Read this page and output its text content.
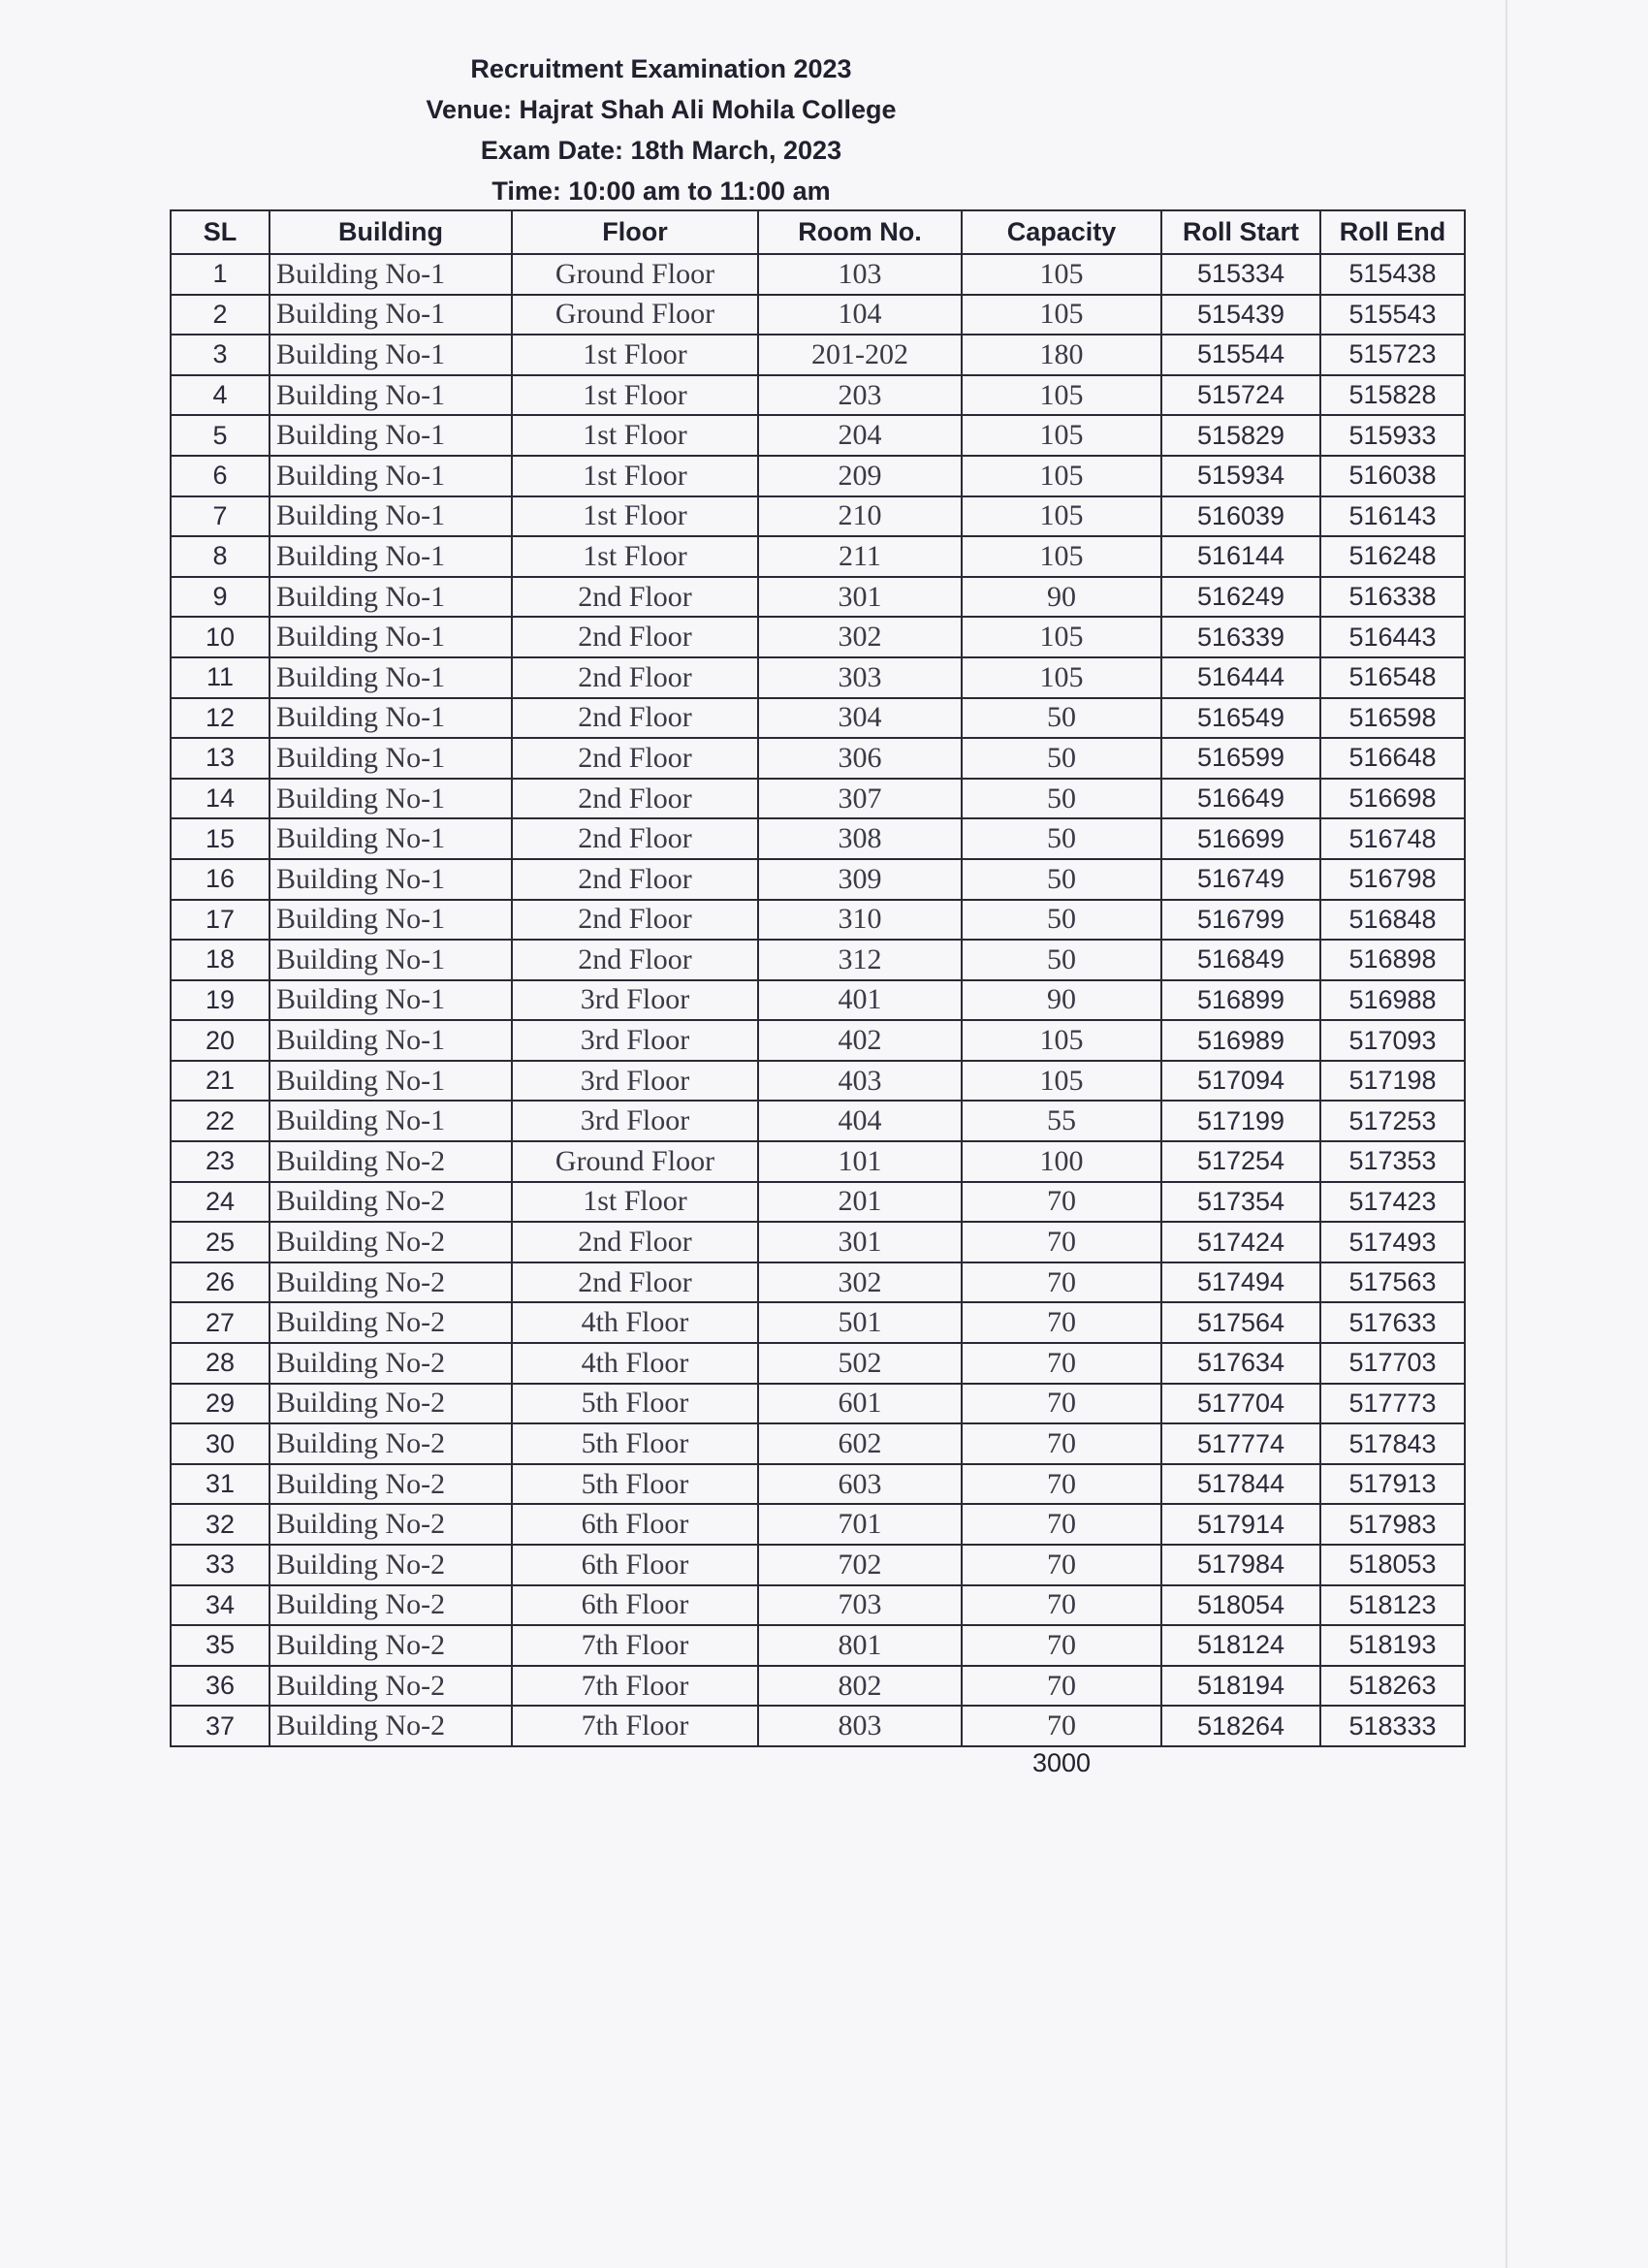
Recruitment Examination 2023
Venue: Hajrat Shah Ali Mohila College
Exam Date: 18th March, 2023
Time: 10:00 am to 11:00 am
SL	Building	Floor	Room No.	Capacity	Roll Start	Roll End
1	Building No-1	Ground Floor	103	105	515334	515438
2	Building No-1	Ground Floor	104	105	515439	515543
3	Building No-1	1st Floor	201-202	180	515544	515723
4	Building No-1	1st Floor	203	105	515724	515828
5	Building No-1	1st Floor	204	105	515829	515933
6	Building No-1	1st Floor	209	105	515934	516038
7	Building No-1	1st Floor	210	105	516039	516143
8	Building No-1	1st Floor	211	105	516144	516248
9	Building No-1	2nd Floor	301	90	516249	516338
10	Building No-1	2nd Floor	302	105	516339	516443
11	Building No-1	2nd Floor	303	105	516444	516548
12	Building No-1	2nd Floor	304	50	516549	516598
13	Building No-1	2nd Floor	306	50	516599	516648
14	Building No-1	2nd Floor	307	50	516649	516698
15	Building No-1	2nd Floor	308	50	516699	516748
16	Building No-1	2nd Floor	309	50	516749	516798
17	Building No-1	2nd Floor	310	50	516799	516848
18	Building No-1	2nd Floor	312	50	516849	516898
19	Building No-1	3rd Floor	401	90	516899	516988
20	Building No-1	3rd Floor	402	105	516989	517093
21	Building No-1	3rd Floor	403	105	517094	517198
22	Building No-1	3rd Floor	404	55	517199	517253
23	Building No-2	Ground Floor	101	100	517254	517353
24	Building No-2	1st Floor	201	70	517354	517423
25	Building No-2	2nd Floor	301	70	517424	517493
26	Building No-2	2nd Floor	302	70	517494	517563
27	Building No-2	4th Floor	501	70	517564	517633
28	Building No-2	4th Floor	502	70	517634	517703
29	Building No-2	5th Floor	601	70	517704	517773
30	Building No-2	5th Floor	602	70	517774	517843
31	Building No-2	5th Floor	603	70	517844	517913
32	Building No-2	6th Floor	701	70	517914	517983
33	Building No-2	6th Floor	702	70	517984	518053
34	Building No-2	6th Floor	703	70	518054	518123
35	Building No-2	7th Floor	801	70	518124	518193
36	Building No-2	7th Floor	802	70	518194	518263
37	Building No-2	7th Floor	803	70	518264	518333
3000
